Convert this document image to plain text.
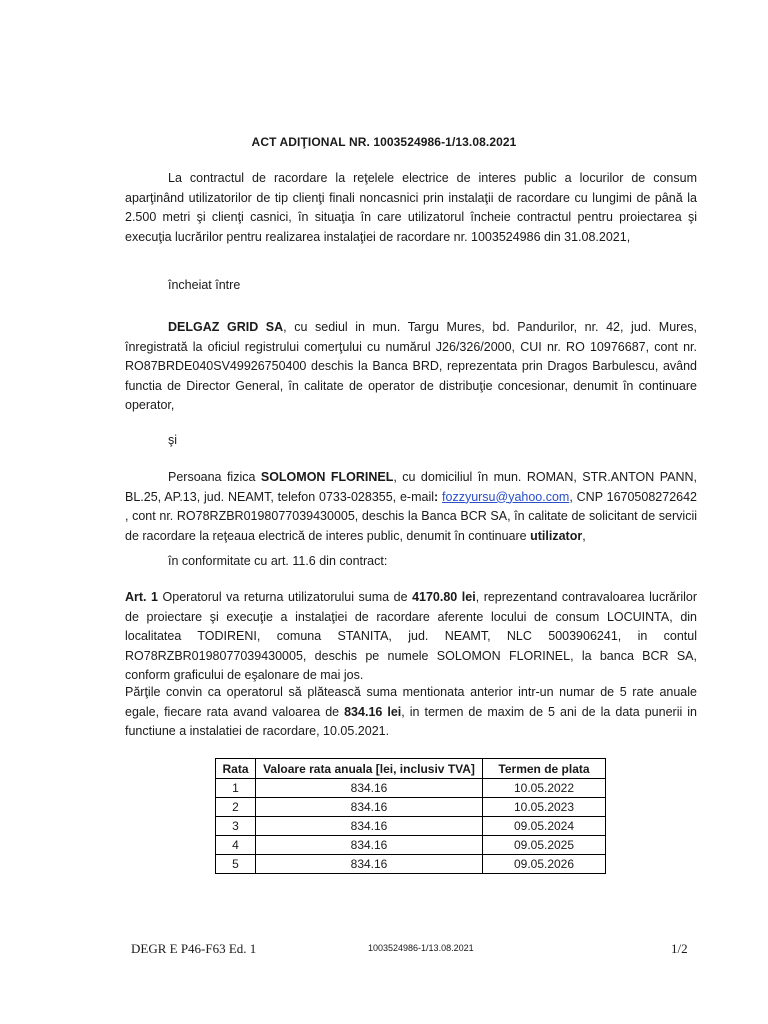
ACT ADIŢIONAL NR. 1003524986-1/13.08.2021
La contractul de racordare la reţelele electrice de interes public a locurilor de consum aparţinând utilizatorilor de tip clienţi finali noncasnici prin instalaţii de racordare cu lungimi de până la 2.500 metri şi clienţi casnici, în situaţia în care utilizatorul încheie contractul pentru proiectarea şi execuţia lucrărilor pentru realizarea instalaţiei de racordare nr. 1003524986 din 31.08.2021,
încheiat între
DELGAZ GRID SA, cu sediul in mun. Targu Mures, bd. Pandurilor, nr. 42, jud. Mures, înregistrată la oficiul registrului comerţului cu numărul J26/326/2000, CUI nr. RO 10976687, cont nr. RO87BRDE040SV49926750400 deschis la Banca BRD, reprezentata prin Dragos Barbulescu, având functia de Director General, în calitate de operator de distribuţie concesionar, denumit în continuare operator,
şi
Persoana fizica SOLOMON FLORINEL, cu domiciliul în mun. ROMAN, STR.ANTON PANN, BL.25, AP.13, jud. NEAMT, telefon 0733-028355, e-mail: fozzyursu@yahoo.com, CNP 1670508272642 , cont nr. RO78RZBR0198077039430005, deschis la Banca BCR SA, în calitate de solicitant de servicii de racordare la reţeaua electrică de interes public, denumit în continuare utilizator,
în conformitate cu art. 11.6 din contract:
Art. 1 Operatorul va returna utilizatorului suma de 4170.80 lei, reprezentand contravaloarea lucrărilor de proiectare şi execuţie a instalaţiei de racordare aferente locului de consum LOCUINTA, din localitatea TODIRENI, comuna STANITA, jud. NEAMT, NLC 5003906241, in contul RO78RZBR0198077039430005, deschis pe numele SOLOMON FLORINEL, la banca BCR SA, conform graficului de eşalonare de mai jos.
Părţile convin ca operatorul să plătească suma mentionata anterior intr-un numar de 5 rate anuale egale, fiecare rata avand valoarea de 834.16 lei, in termen de maxim de 5 ani de la data punerii in functiune a instalatiei de racordare, 10.05.2021.
Rata	Valoare rata anuala [lei, inclusiv TVA]	Termen de plata
1	834.16	10.05.2022
2	834.16	10.05.2023
3	834.16	09.05.2024
4	834.16	09.05.2025
5	834.16	09.05.2026
DEGR E P46-F63 Ed. 1	1003524986-1/13.08.2021	1/2
